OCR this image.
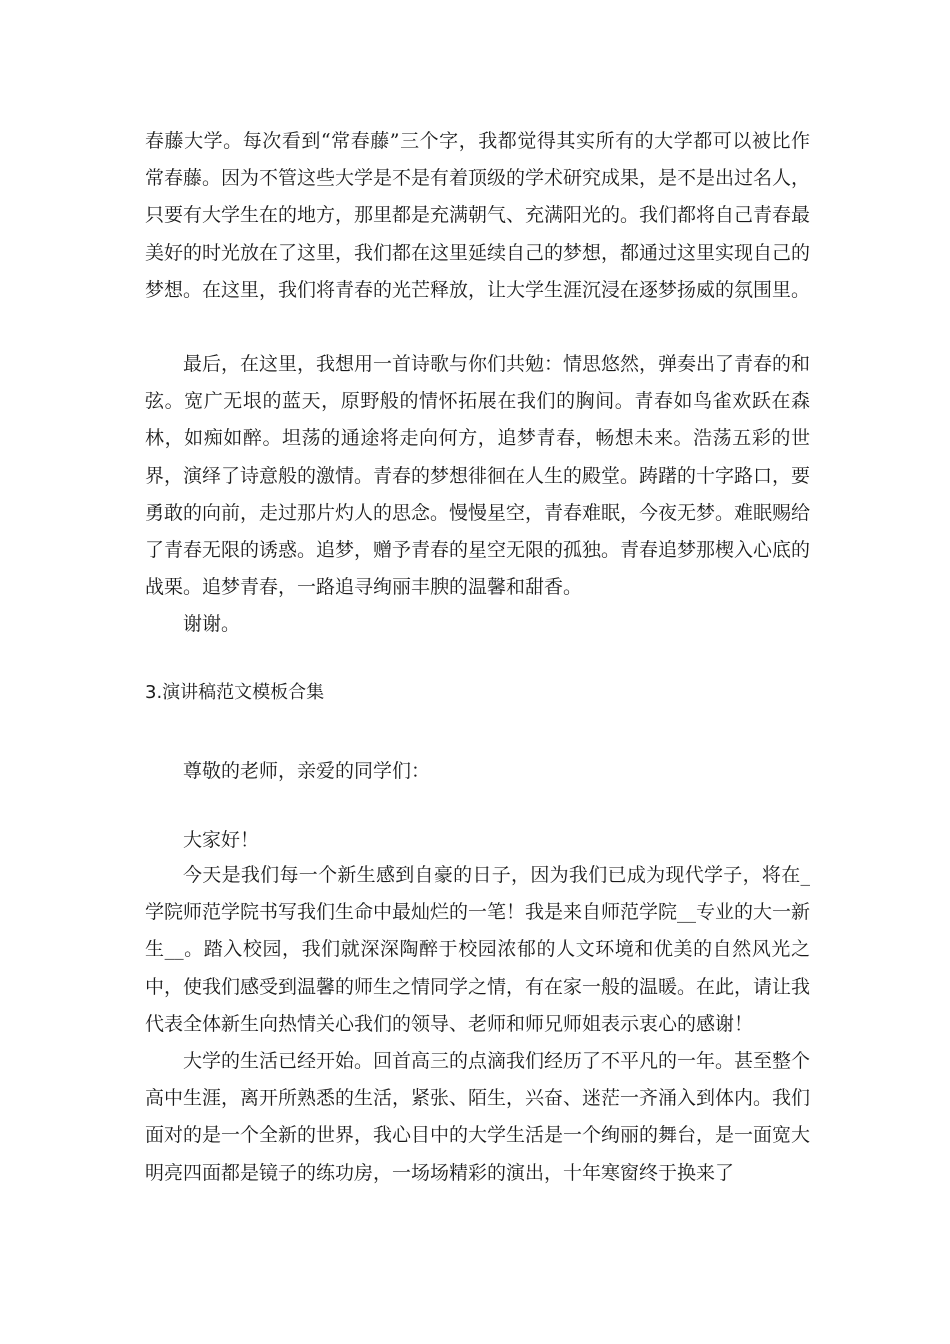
春藤大学。每次看到“常春藤”三个字，我都觉得其实所有的大学都可以被比作常春藤。因为不管这些大学是不是有着顶级的学术研究成果，是不是出过名人，只要有大学生在的地方，那里都是充满朝气、充满阳光的。我们都将自己青春最美好的时光放在了这里，我们都在这里延续自己的梦想，都通过这里实现自己的梦想。在这里，我们将青春的光芒释放，让大学生涯沉浸在逐梦扬威的氛围里。

最后，在这里，我想用一首诗歌与你们共勉：情思悠然，弹奏出了青春的和弦。宽广无垠的蓝天，原野般的情怀拓展在我们的胸间。青春如鸟雀欢跃在森林，如痴如醉。坦荡的通途将走向何方，追梦青春，畅想未来。浩荡五彩的世界，演绎了诗意般的激情。青春的梦想徘徊在人生的殿堂。踌躇的十字路口，要勇敢的向前，走过那片灼人的思念。慢慢星空，青春难眠，今夜无梦。难眠赐给了青春无限的诱惑。追梦，赠予青春的星空无限的孤独。青春追梦那楔入心底的战栗。追梦青春，一路追寻绚丽丰腴的温馨和甜香。

谢谢。

3.演讲稿范文模板合集

尊敬的老师，亲爱的同学们：

大家好！

今天是我们每一个新生感到自豪的日子，因为我们已成为现代学子，将在_学院师范学院书写我们生命中最灿烂的一笔！我是来自师范学院__专业的大一新生__。踏入校园，我们就深深陶醉于校园浓郁的人文环境和优美的自然风光之中，使我们感受到温馨的师生之情同学之情，有在家一般的温暖。在此，请让我代表全体新生向热情关心我们的领导、老师和师兄师姐表示衷心的感谢！

大学的生活已经开始。回首高三的点滴我们经历了不平凡的一年。甚至整个高中生涯，离开所熟悉的生活，紧张、陌生，兴奋、迷茫一齐涌入到体内。我们面对的是一个全新的世界，我心目中的大学生活是一个绚丽的舞台，是一面宽大明亮四面都是镜子的练功房，一场场精彩的演出，十年寒窗终于换来了
